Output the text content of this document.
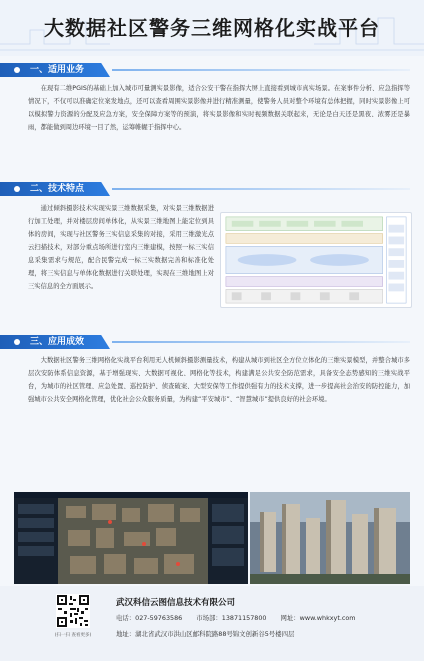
大数据社区警务三维网格化实战平台
一、适用业务
在现有二维PGIS的基础上加入城市可量测实景影像，适合公安干警在指挥大屏上直接看到城市真实场景。在案事件分析、应急指挥等情况下，不仅可以准确定位案发地点，还可以查看周围实景影像并进行精准测量，使警务人员对整个环境有总体把握，同时实景影像上可以模拟警力资源的分配及应急方案，安全保障方案等的预演，将实景影像和实时视频数据关联起来，无论是白天还是黑夜、浓雾还是暴雨，都能做到周边环境一目了然，运筹帷幄于指挥中心。
二、技术特点
通过倾斜摄影技术实现实景三维数据采集，对实景三维数据进行加工处理，并对楼层房间单体化，从实景三维地图上能定位到具体的房间，实现与社区警务三实信息采集的对接，采用三维激光点云扫描技术，对部分重点场所进行室内三维建模，按照一标三实信息采集需求与规范，配合民警完成一标三实数据完善和标准化处理，将三实信息与单体化数据进行关联处理，实现在三维地图上对三实信息的全方面展示。
三、应用成效
大数据社区警务三维网格化实战平台利用无人机倾斜摄影测量技术，构建从城市到社区全方位立体化的三维实景模型，并整合城市多层次安防体系信息资源，基于增强现实、大数据可视化、网格化等技术，构建满足公共安全防范需求，具备安全态势感知的三维实战平台，为城市的社区管理、应急处置、巡控防护、侦查破案、大型安保等工作提供强有力的技术支撑，进一步提高社会治安的防控能力，加强城市公共安全网格化管理，优化社会公众服务质量，为构建“平安城市”、“智慧城市”提供良好的社会环境。
(扫一扫 查看更多)
武汉科信云图信息技术有限公司
电话：027-59763586 市场部：13871157800 网址：www.whkxyt.com
地址：湖北省武汉市洪山区邮科院路88号锦文创新谷5号楼四层
